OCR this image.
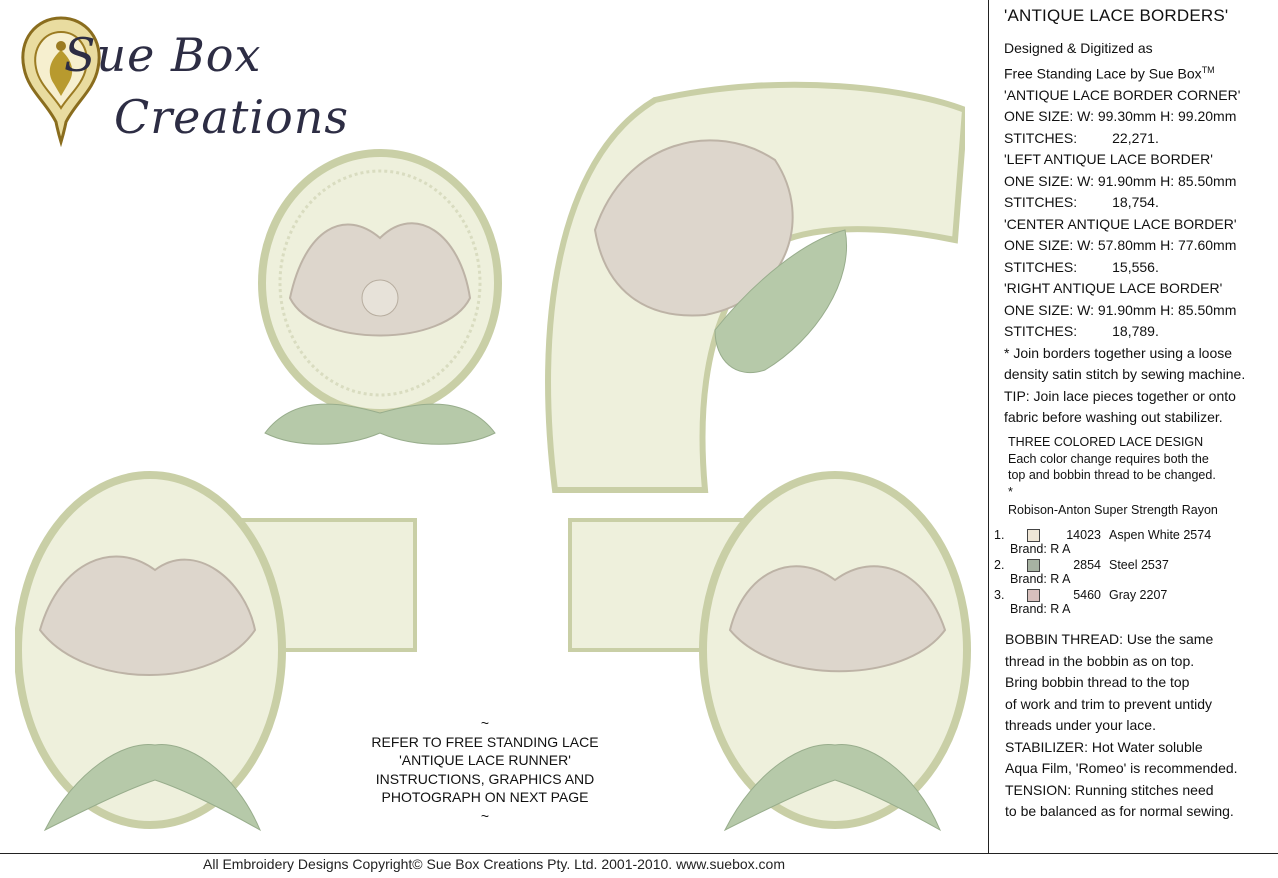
Sue Box
Creations
~
REFER TO FREE STANDING LACE
'ANTIQUE LACE RUNNER'
INSTRUCTIONS, GRAPHICS AND
PHOTOGRAPH ON NEXT PAGE
~
'ANTIQUE LACE BORDERS'
Designed & Digitized as
Free Standing Lace by Sue Box™
'ANTIQUE LACE BORDER CORNER'
ONE SIZE: W: 99.30mm H: 99.20mm
STITCHES:         22,271.
'LEFT ANTIQUE LACE BORDER'
ONE SIZE: W: 91.90mm H: 85.50mm
STITCHES:         18,754.
'CENTER ANTIQUE LACE BORDER'
ONE SIZE: W: 57.80mm H: 77.60mm
STITCHES:         15,556.
'RIGHT ANTIQUE LACE BORDER'
ONE SIZE: W: 91.90mm H: 85.50mm
STITCHES:         18,789.
* Join borders together using a loose
density satin stitch by sewing machine.
TIP: Join lace pieces together or onto
fabric before washing out stabilizer.
THREE COLORED LACE DESIGN
Each color change requires both the
top and bobbin thread to be changed.
*
Robison-Anton Super Strength Rayon
1.	14023 Aspen White 2574
Brand: R A
2.	2854 Steel 2537
Brand: R A
3.	5460 Gray 2207
Brand: R A
BOBBIN THREAD: Use the same
thread in the bobbin as on top.
Bring bobbin thread to the top
of work and trim to prevent untidy
threads under your lace.
STABILIZER: Hot Water soluble
Aqua Film, 'Romeo' is recommended.
TENSION: Running stitches need
to be balanced as for normal sewing.
All Embroidery Designs Copyright© Sue Box Creations Pty. Ltd. 2001-2010. www.suebox.com
